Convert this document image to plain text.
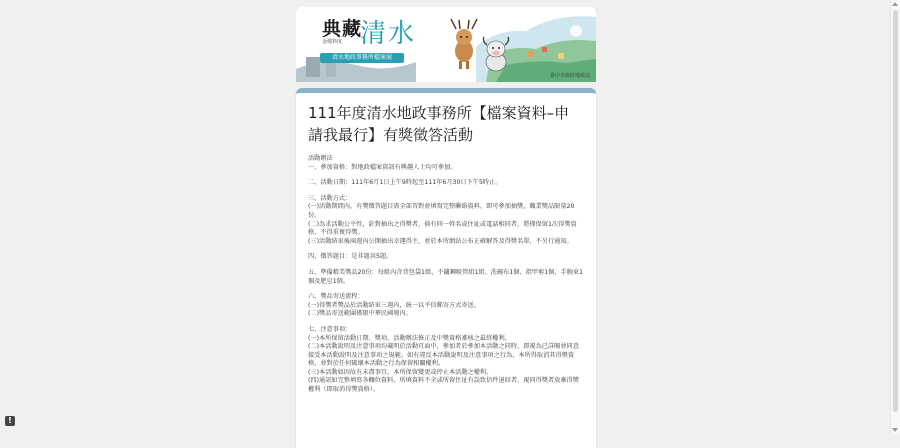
典藏
清水
金檔料度
清水地政事務所檔案展
臺中市政府地政局
111年度清水地政事務所【檔案資料–申請我最行】有獎徵答活動

活動辦法

一、參加資格：對地政檔案資訊有興趣人士均可參加。

二、活動日期：111年6月1日上午9時起至111年6月30日下午5時止。

三、活動方式：

(一)活動期間內，有獎徵答題目需全部答對並填寫完整聯絡資料，即可參加抽獎，職業獎品限量20份。

(二)為求活動公平性，針對抽出之得獎者，倘有同一姓名或住址或電話相同者，將僅保留1次得獎資格，不得重複得獎。

(三)活動結束後兩週內公開抽出幸運得主，並於本所網站公布正確解答及得獎名單，不另行通知。

四、徵答題目：是非題共5題。

五、準備精美獎品20份：每組內含背包袋1組、不鏽鋼吸管組1組、洗碗布1個、指甲剪1個、手腕束1個及肥皂1個。

六、獎品寄送流程：

(一)得獎者獎品於活動結束三週內，統一以平信郵寄方式寄送。

(二)獎品寄送範圍僅限中華民國境內。

七、注意事項：

(一)本所保留活動日期、獎項、活動辦法修正及中獎資格審核之最終權利。

(二)本活動說明及注意事項均載明於活動頁面中，參加者於參加本活動之同時，即視為已詳閱並同意接受本活動說明及注意事項之規範。如有違反本活動說明及注意事項之行為，本所得取消其得獎資格，並對於任何破壞本活動之行為保留相關權利。

(三)本活動如因故有未盡事宜，本所保留變更或停止本活動之權利。

(四)通訊如完整填寫各欄位資料，所填資料不全或所留住址有誤致信件退回者，視同得獎者放棄得獎權利（即取消得獎資格）。

!
